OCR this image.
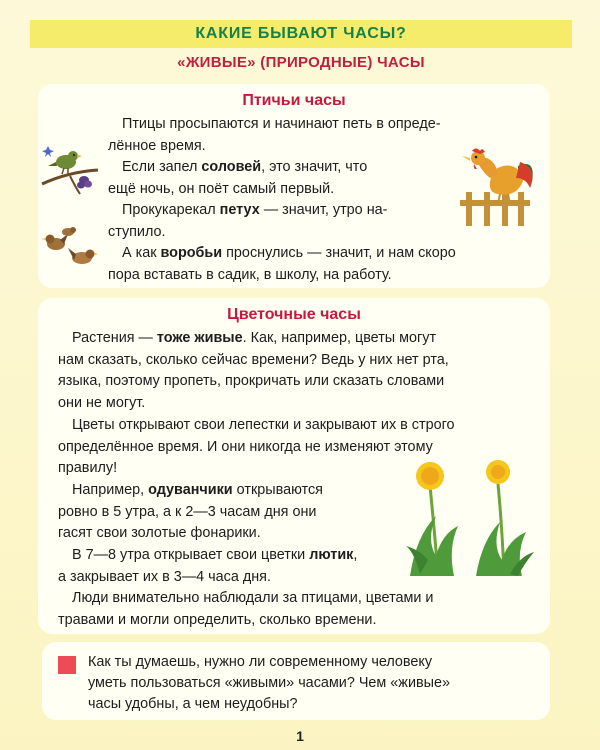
КАКИЕ БЫВАЮТ ЧАСЫ?
«ЖИВЫЕ» (ПРИРОДНЫЕ) ЧАСЫ
Птичьи часы
Птицы просыпаются и начинают петь в опреде-
лённое время.
Если запел соловей, это значит, что
ещё ночь, он поёт самый первый.
Прокукарекал петух — значит, утро на-
ступило.
А как воробьи проснулись — значит, и нам скоро
пора вставать в садик, в школу, на работу.
Цветочные часы
Растения — тоже живые. Как, например, цветы могут
нам сказать, сколько сейчас времени? Ведь у них нет рта,
языка, поэтому пропеть, прокричать или сказать словами
они не могут.
Цветы открывают свои лепестки и закрывают их в строго
определённое время. И они никогда не изменяют этому
правилу!
Например, одуванчики открываются
ровно в 5 утра, а к 2—3 часам дня они
гасят свои золотые фонарики.
В 7—8 утра открывает свои цветки лютик,
а закрывает их в 3—4 часа дня.
Люди внимательно наблюдали за птицами, цветами и
травами и могли определить, сколько времени.
Как ты думаешь, нужно ли современному человеку
уметь пользоваться «живыми» часами? Чем «живые»
часы удобны, а чем неудобны?
1
